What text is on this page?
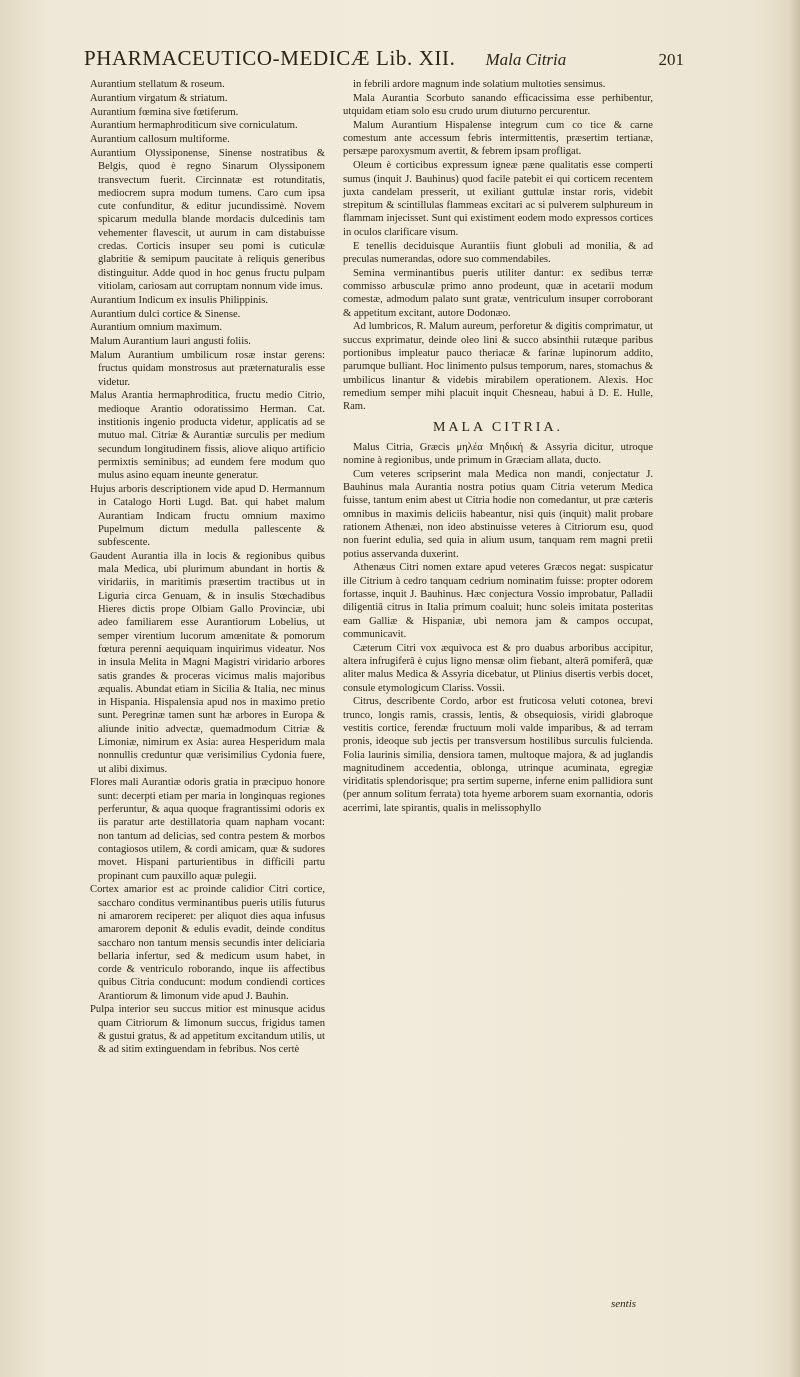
PHARMACEUTICO-MEDICÆ Lib. XII. Mala Citria	201

Aurantium stellatum & roseum.

Aurantium virgatum & striatum.

Aurantium fœmina sive fœtiferum.

Aurantium hermaphroditicum sive corniculatum.

Aurantium callosum multiforme.

Aurantium Olyssiponense, Sinense nostratibus & Belgis, quod è regno Sinarum Olyssiponem transvectum fuerit. Circinnatæ est rotunditatis, mediocrem supra modum tumens. Caro cum ipsa cute confunditur, & editur jucundissimè. Novem spicarum medulla blande mordacis dulcedinis tam vehementer flavescit, ut aurum in cam distabuisse credas. Corticis insuper seu pomi is cuticulæ glabritie & semipum paucitate à reliquis generibus distinguitur. Adde quod in hoc genus fructu pulpam vitiolam, cariosam aut corruptam nonnum vide imus.

Aurantium Indicum ex insulis Philippinis.

Aurantium dulci cortice & Sinense.

Aurantium omnium maximum.

Malum Aurantium lauri angusti foliis.

Malum Aurantium umbilicum rosæ instar gerens: fructus quidam monstrosus aut præternaturalis esse videtur.

Malus Arantia hermaphroditica, fructu medio Citrio, medioque Arantio odoratissimo Herman. Cat. institionis ingenio producta videtur, applicatis ad se mutuo mal. Citriæ & Aurantiæ surculis per medium secundum longitudinem fissis, aliove aliquo artificio permixtis seminibus; ad eundem fere modum quo mulus asino equam ineunte generatur.

Hujus arboris descriptionem vide apud D. Hermannum in Catalogo Horti Lugd. Bat. qui habet malum Aurantiam Indicam fructu omnium maximo Pupelmum dictum medulla pallescente & subfescente.

Gaudent Aurantia illa in locis & regionibus quibus mala Medica, ubi plurimum abundant in hortis & viridariis, in maritimis præsertim tractibus ut in Liguria circa Genuam, & in insulis Stœchadibus Hieres dictis prope Olbiam Gallo Provinciæ, ubi adeo familiarem esse Aurantiorum Lobelius, ut semper virentium lucorum amœnitate & pomorum fœtura perenni aequiquam inquirimus videatur. Nos in insula Melita in Magni Magistri viridario arbores satis grandes & proceras vicimus malis majoribus æqualis. Abundat etiam in Sicilia & Italia, nec minus in Hispania. Hispalensia apud nos in maximo pretio sunt. Peregrinæ tamen sunt hæ arbores in Europa & aliunde initio advectæ, quemadmodum Citriæ & Limoniæ, nimirum ex Asia: aurea Hesperidum mala nonnullis creduntur quæ verisimilius Cydonia fuere, ut alibi diximus.

Flores mali Aurantiæ odoris gratia in præcipuo honore sunt: decerpti etiam per maria in longinquas regiones perferuntur, & aqua quoque fragrantissimi odoris ex iis paratur arte destillatoria quam napham vocant: non tantum ad delicias, sed contra pestem & morbos contagiosos utilem, & cordi amicam, quæ & sudores movet. Hispani parturientibus in difficili partu propinant cum pauxillo aquæ pulegii.

Cortex amarior est ac proinde calidior Citri cortice, saccharo conditus verminantibus pueris utilis futurus ni amarorem reciperet: per aliquot dies aqua infusus amarorem deponit & edulis evadit, deinde conditus saccharo non tantum mensis secundis inter deliciaria bellaria infertur, sed & medicum usum habet, in corde & ventriculo roborando, inque iis affectibus quibus Citria conducunt: modum condiendi cortices Arantiorum & limonum vide apud J. Bauhin.

Pulpa interior seu succus mitior est minusque acidus quam Citriorum & limonum succus, frigidus tamen & gustui gratus, & ad appetitum excitandum utilis, ut & ad sitim extinguendam in febribus. Nos certè

in febrili ardore magnum inde solatium multoties sensimus.

Mala Aurantia Scorbuto sanando efficacissima esse perhibentur, utquidam etiam solo esu crudo urum diuturno percurentur.

Malum Aurantium Hispalense integrum cum co tice & carne comestum ante accessum febris intermittentis, præsertim tertianæ, persæpe paroxysmum avertit, & febrem ipsam profligat.

Oleum è corticibus expressum igneæ pæne qualitatis esse comperti sumus (inquit J. Bauhinus) quod facile patebit ei qui corticem recentem juxta candelam presserit, ut exiliant guttulæ instar roris, videbit strepitum & scintillulas flammeas excitari ac si pulverem sulphureum in flammam injecisset. Sunt qui existiment eodem modo expressos cortices in oculos clarificare visum.

E tenellis deciduisque Aurantiis fiunt globuli ad monilia, & ad preculas numerandas, odore suo commendabiles.

Semina verminantibus pueris utiliter dantur: ex sedibus terræ commisso arbusculæ primo anno prodeunt, quæ in acetarii modum comestæ, admodum palato sunt gratæ, ventriculum insuper corroborant & appetitum excitant, autore Dodonæo.

Ad lumbricos, R. Malum aureum, perforetur & digitis comprimatur, ut succus exprimatur, deinde oleo lini & succo absinthii rutæque paribus portionibus impleatur pauco theriacæ & farinæ lupinorum addito, parumque bulliant. Hoc linimento pulsus temporum, nares, stomachus & umbilicus linantur & videbis mirabilem operationem. Alexis. Hoc remedium semper mihi placuit inquit Chesneau, habui à D. E. Hulle, Ram.

MALA CITRIA.

Malus Citria, Græcis μηλέα Μηδική & Assyria dicitur, utroque nomine à regionibus, unde primum in Græciam allata, ducto.

Cum veteres scripserint mala Medica non mandi, conjectatur J. Bauhinus mala Aurantia nostra potius quam Citria veterum Medica fuisse, tantum enim abest ut Citria hodie non comedantur, ut præ cæteris omnibus in maximis deliciis habeantur, nisi quis (inquit) malit probare rationem Athenæi, non ideo abstinuisse veteres à Citriorum esu, quod non fuerint edulia, sed quia in alium usum, tanquam rem magni pretii potius asservanda duxerint.

Athenæus Citri nomen extare apud veteres Græcos negat: suspicatur ille Citrium à cedro tanquam cedrium nominatim fuisse: propter odorem fortasse, inquit J. Bauhinus. Hæc conjectura Vossio improbatur, Palladii diligentiâ citrus in Italia primum coaluit; hunc soleis imitata posteritas eam Galliæ & Hispaniæ, ubi nemora jam & campos occupat, communicavit.

Cæterum Citri vox æquivoca est & pro duabus arboribus accipitur, altera infrugiferâ è cujus ligno mensæ olim fiebant, alterâ pomiferâ, quæ aliter malus Medica & Assyria dicebatur, ut Plinius disertis verbis docet, consule etymologicum Clariss. Vossii.

Citrus, describente Cordo, arbor est fruticosa veluti cotonea, brevi trunco, longis ramis, crassis, lentis, & obsequiosis, viridi glabroque vestitis cortice, ferendæ fructuum moli valde imparibus, & ad terram pronis, ideoque sub jectis per transversum hostilibus surculis fulcienda. Folia laurinis similia, densiora tamen, multoque majora, & ad juglandis magnitudinem accedentia, oblonga, utrinque acuminata, egregiæ viriditatis splendorisque; pra sertim superne, inferne enim pallidiora sunt (per annum solitum ferrata) tota hyeme arborem suam exornantia, odoris acerrimi, late spirantis, qualis in melissophyllo

sentis
